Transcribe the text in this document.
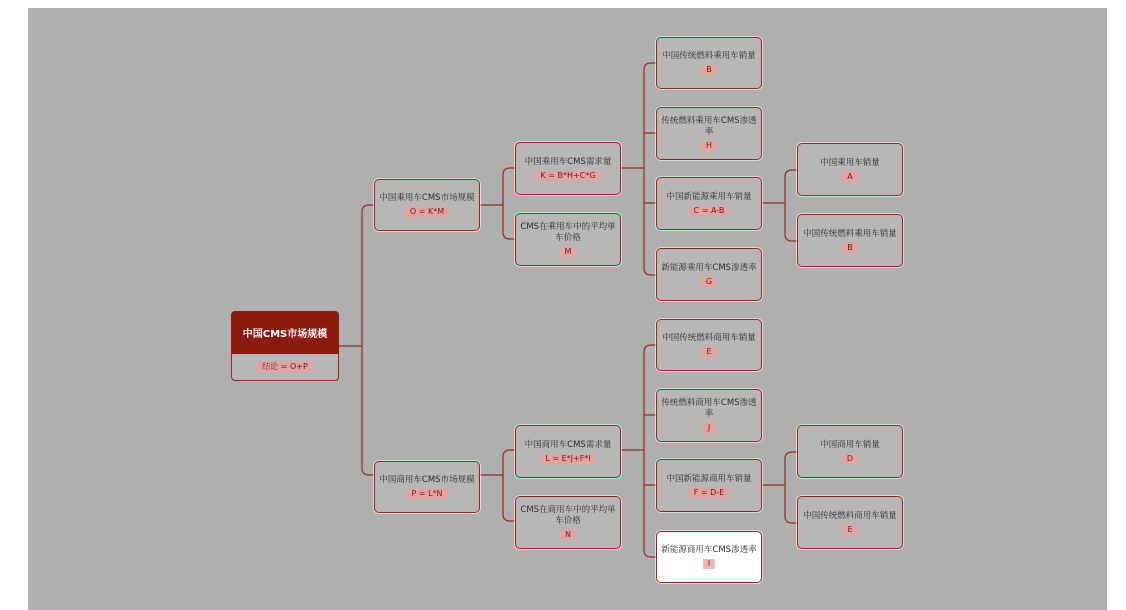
中国CMS市场规模
结论 = O+P
中国乘用车CMS市场规模
O = K*M
中国商用车CMS市场规模
P = L*N
中国乘用车CMS需求量
K = B*H+C*G
CMS在乘用车中的平均单车价格
M
中国商用车CMS需求量
L = E*J+F*I
CMS在商用车中的平均单车价格
N
中国传统燃料乘用车销量
B
传统燃料乘用车CMS渗透率
H
中国新能源乘用车销量
C = A-B
新能源乘用车CMS渗透率
G
中国传统燃料商用车销量
E
传统燃料商用车CMS渗透率
J
中国新能源商用车销量
F = D-E
新能源商用车CMS渗透率
I
中国乘用车销量
A
中国传统燃料乘用车销量
B
中国商用车销量
D
中国传统燃料商用车销量
E
